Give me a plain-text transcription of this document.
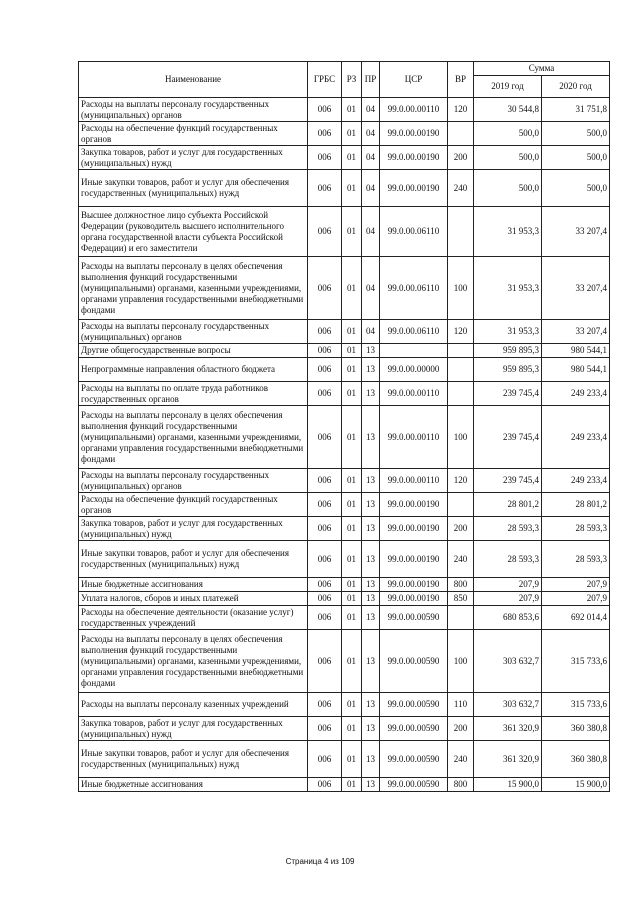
Наименование	ГРБС	РЗ	ПР	ЦСР	ВР	Сумма	
						2019 год	2020 год
Расходы на выплаты персоналу государственных (муниципальных) органов	006	01	04	99.0.00.00110	120	30 544,8	31 751,8
Расходы на обеспечение функций государственных органов	006	01	04	99.0.00.00190		500,0	500,0
Закупка товаров, работ и услуг для государственных (муниципальных) нужд	006	01	04	99.0.00.00190	200	500,0	500,0
Иные закупки товаров, работ и услуг для обеспечения государственных (муниципальных) нужд	006	01	04	99.0.00.00190	240	500,0	500,0
Высшее должностное лицо субъекта Российской Федерации (руководитель высшего исполнительного органа государственной власти субъекта Российской Федерации) и его заместители	006	01	04	99.0.00.06110		31 953,3	33 207,4
Расходы на выплаты персоналу в целях обеспечения выполнения функций государственными (муниципальными) органами, казенными учреждениями, органами управления государственными внебюджетными фондами	006	01	04	99.0.00.06110	100	31 953,3	33 207,4
Расходы на выплаты персоналу государственных (муниципальных) органов	006	01	04	99.0.00.06110	120	31 953,3	33 207,4
Другие общегосударственные вопросы	006	01	13			959 895,3	980 544,1
Непрограммные направления областного бюджета	006	01	13	99.0.00.00000		959 895,3	980 544,1
Расходы на выплаты по оплате труда работников государственных органов	006	01	13	99.0.00.00110		239 745,4	249 233,4
Расходы на выплаты персоналу в целях обеспечения выполнения функций государственными (муниципальными) органами, казенными учреждениями, органами управления государственными внебюджетными фондами	006	01	13	99.0.00.00110	100	239 745,4	249 233,4
Расходы на выплаты персоналу государственных (муниципальных) органов	006	01	13	99.0.00.00110	120	239 745,4	249 233,4
Расходы на обеспечение функций государственных органов	006	01	13	99.0.00.00190		28 801,2	28 801,2
Закупка товаров, работ и услуг для государственных (муниципальных) нужд	006	01	13	99.0.00.00190	200	28 593,3	28 593,3
Иные закупки товаров, работ и услуг для обеспечения государственных (муниципальных) нужд	006	01	13	99.0.00.00190	240	28 593,3	28 593,3
Иные бюджетные ассигнования	006	01	13	99.0.00.00190	800	207,9	207,9
Уплата налогов, сборов и иных платежей	006	01	13	99.0.00.00190	850	207,9	207,9
Расходы на обеспечение деятельности (оказание услуг) государственных учреждений	006	01	13	99.0.00.00590		680 853,6	692 014,4
Расходы на выплаты персоналу в целях обеспечения выполнения функций государственными (муниципальными) органами, казенными учреждениями, органами управления государственными внебюджетными фондами	006	01	13	99.0.00.00590	100	303 632,7	315 733,6
Расходы на выплаты персоналу казенных учреждений	006	01	13	99.0.00.00590	110	303 632,7	315 733,6
Закупка товаров, работ и услуг для государственных (муниципальных) нужд	006	01	13	99.0.00.00590	200	361 320,9	360 380,8
Иные закупки товаров, работ и услуг для обеспечения государственных (муниципальных) нужд	006	01	13	99.0.00.00590	240	361 320,9	360 380,8
Иные бюджетные ассигнования	006	01	13	99.0.00.00590	800	15 900,0	15 900,0
Страница 4 из 109
